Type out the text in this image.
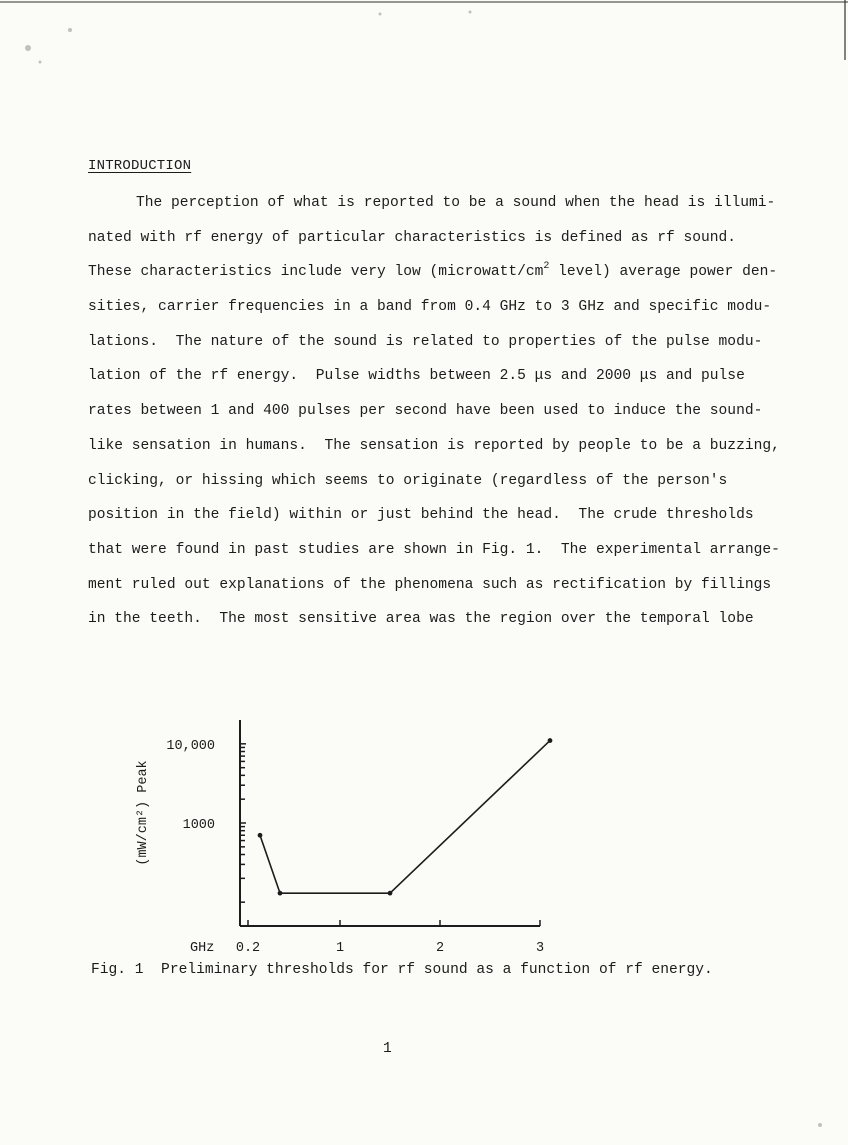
INTRODUCTION
The perception of what is reported to be a sound when the head is illumi-
nated with rf energy of particular characteristics is defined as rf sound.
These characteristics include very low ($microwatt/cm^2$ level) average power den-
sities, carrier frequencies in a band from 0.4 GHz to 3 GHz and specific modu-
lations.  The nature of the sound is related to properties of the pulse modu-
lation of the rf energy.  Pulse widths between 2.5 μs and 2000 μs and pulse
rates between 1 and 400 pulses per second have been used to induce the sound-
like sensation in humans.  The sensation is reported by people to be a buzzing,
clicking, or hissing which seems to originate (regardless of the person's
position in the field) within or just behind the head.  The crude thresholds
that were found in past studies are shown in Fig. 1.  The experimental arrange-
ment ruled out explanations of the phenomena such as rectification by fillings
in the teeth.  The most sensitive area was the region over the temporal lobe
0.2	1	2	3
GHz
10,000
1000
(mW/cm²) Peak
Fig. 1  Preliminary thresholds for rf sound as a function of rf energy.
1
